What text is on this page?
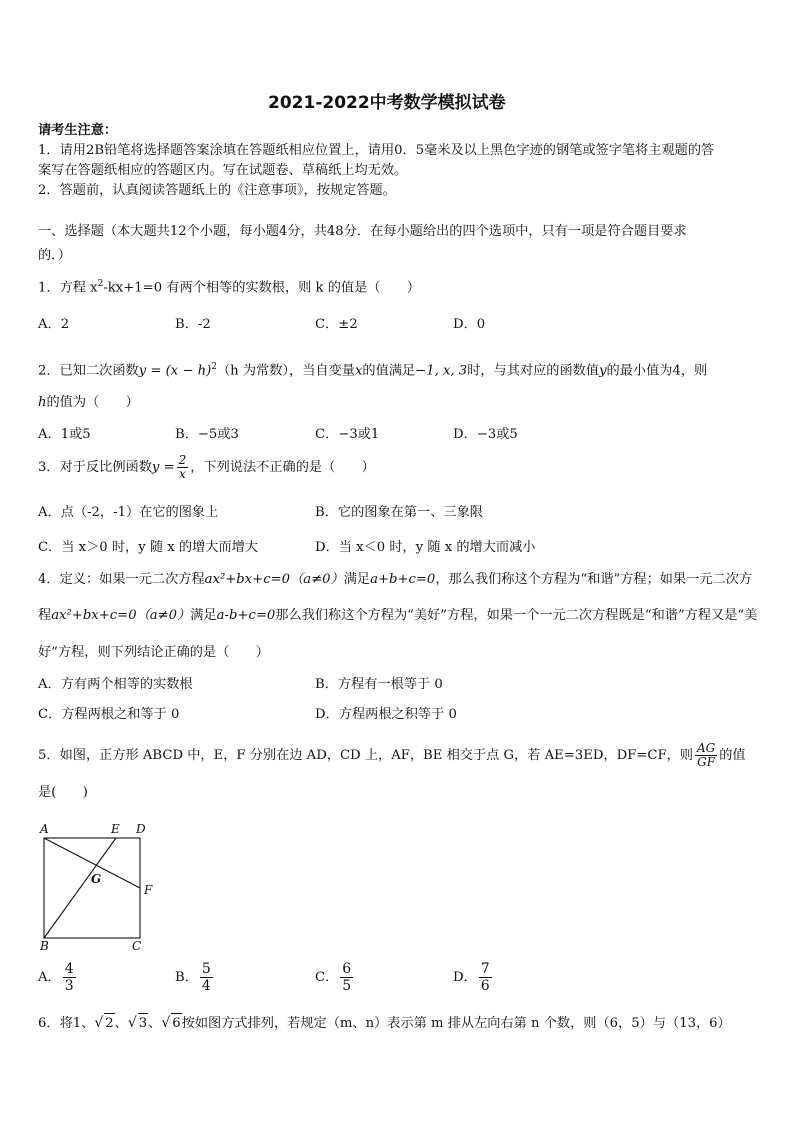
2021-2022中考数学模拟试卷
请考生注意：
1．请用2B铅笔将选择题答案涂填在答题纸相应位置上，请用0．5毫米及以上黑色字迹的钢笔或签字笔将主观题的答
案写在答题纸相应的答题区内。写在试题卷、草稿纸上均无效。
2．答题前，认真阅读答题纸上的《注意事项》，按规定答题。
一、选择题（本大题共12个小题，每小题4分，共48分．在每小题给出的四个选项中，只有一项是符合题目要求
的．）
1．方程 $x^2-kx+1=0$ 有两个相等的实数根，则 k 的值是（　　）
A．2	B．-2	C．±2	D．0
2．已知二次函数$y = (x - h)^2(h$ 为常数），当自变量x的值满足−1, x, 3时，与其对应的函数值y的最小值为4，则
h的值为（　　）
A．1或5	B．−5或3	C．−3或1	D．−3或5
3．对于反比例函数$y = \frac{2}{x}$ ，下列说法不正确的是（　　）
A．点（-2，-1）在它的图象上	B．它的图象在第一、三象限
C．当 x＞0 时，y 随 x 的增大而增大	D．当 x＜0 时，y 随 x 的增大而减小
4．定义：如果一元二次方程ax²+bx+c=0（a≠0）满足a+b+c=0，那么我们称这个方程为“和谐”方程；如果一元二次方
程ax²+bx+c=0（a≠0）满足a-b+c=0那么我们称这个方程为“美好”方程，如果一个一元二次方程既是“和谐”方程又是“美
好”方程，则下列结论正确的是（　　）
A．方有两个相等的实数根	B．方程有一根等于 0
C．方程两根之和等于 0	D．方程两根之积等于 0
5．如图，正方形 ABCD 中，E，F 分别在边 AD，CD 上，AF，BE 相交于点 G，若 AE=3ED，DF=CF，则 $\frac{AG}{GF}$ 的值
是(　　)
A	E D
G
F
B	C
A． $\frac{4}{3}$	B． $\frac{5}{4}$	C． $\frac{6}{5}$	D． $\frac{7}{6}$
6．将1、√ 2、√ 3、√ 6按如图方式排列，若规定（m、n）表示第 m 排从左向右第 n 个数，则（6，5）与（13，6）
